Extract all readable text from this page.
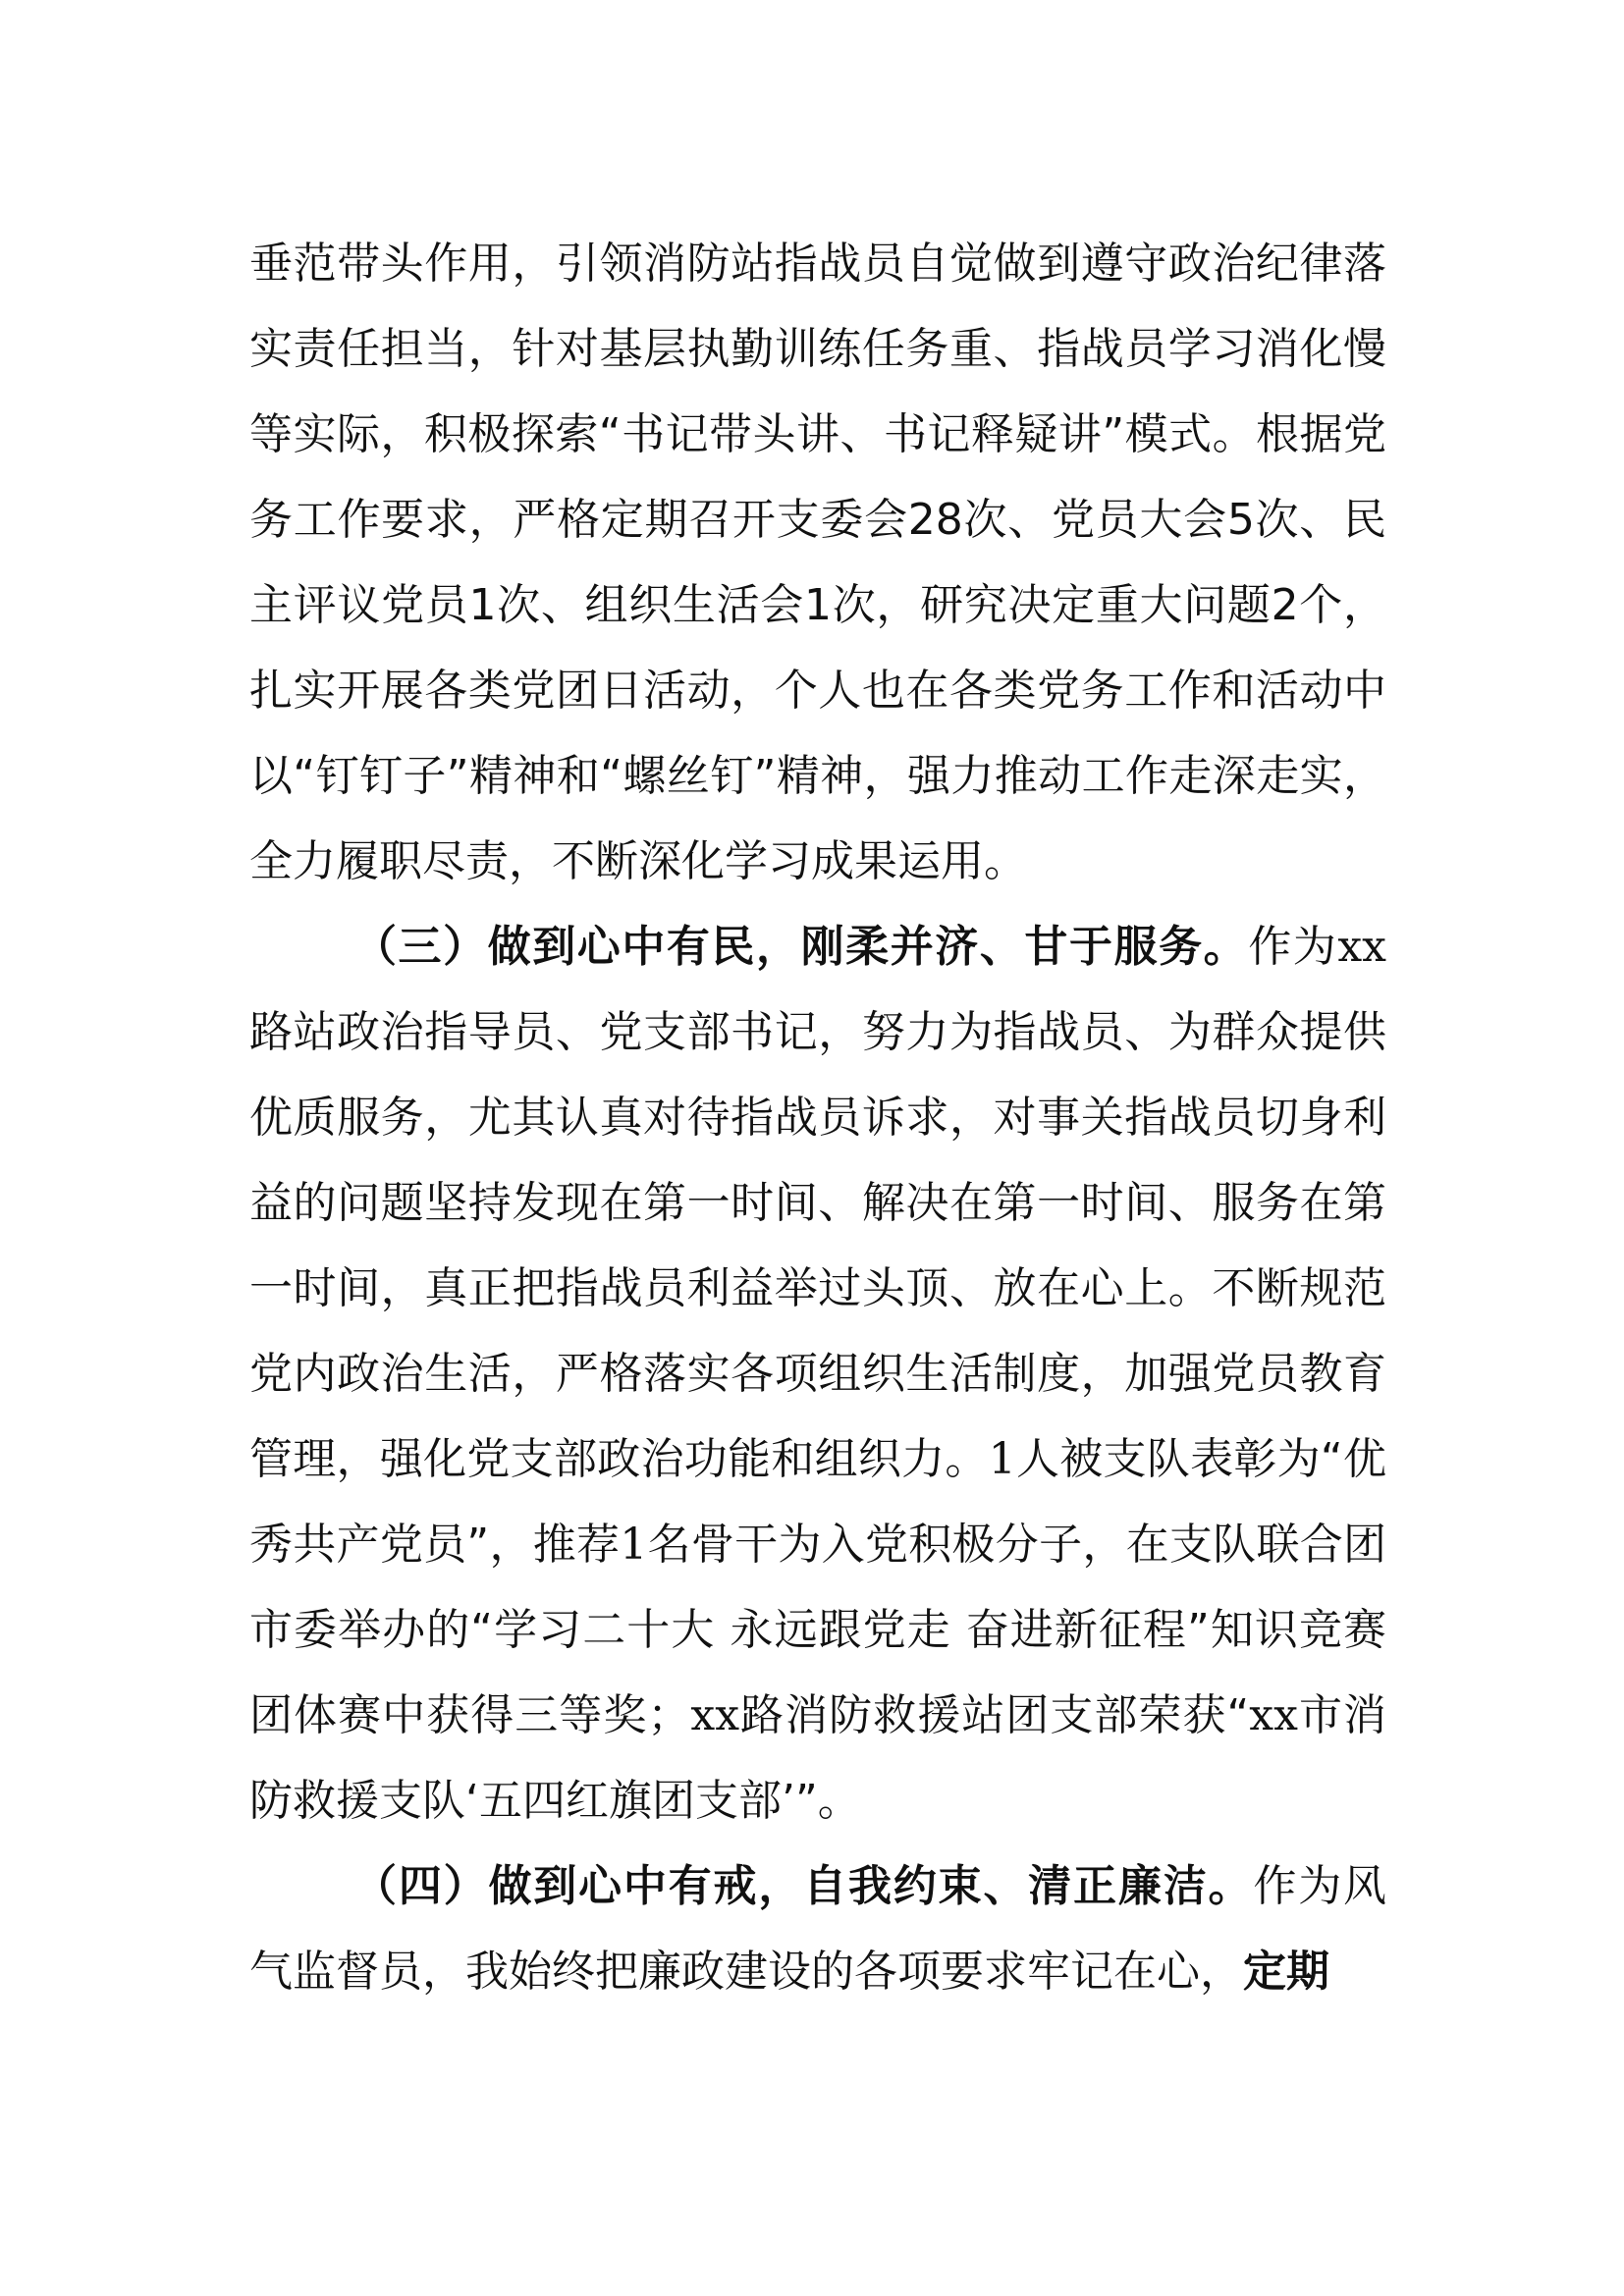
垂范带头作用，引领消防站指战员自觉做到遵守政治纪律落实责任担当，针对基层执勤训练任务重、指战员学习消化慢等实际，积极探索“书记带头讲、书记释疑讲”模式。根据党务工作要求，严格定期召开支委会28次、党员大会5次、民主评议党员1次、组织生活会1次，研究决定重大问题2个，扎实开展各类党团日活动，个人也在各类党务工作和活动中以“钉钉子”精神和“螺丝钉”精神，强力推动工作走深走实，全力履职尽责，不断深化学习成果运用。

（三）做到心中有民，刚柔并济、甘于服务。作为xx路站政治指导员、党支部书记，努力为指战员、为群众提供优质服务，尤其认真对待指战员诉求，对事关指战员切身利益的问题坚持发现在第一时间、解决在第一时间、服务在第一时间，真正把指战员利益举过头顶、放在心上。不断规范党内政治生活，严格落实各项组织生活制度，加强党员教育管理，强化党支部政治功能和组织力。1人被支队表彰为“优秀共产党员”，推荐1名骨干为入党积极分子，在支队联合团市委举办的“学习二十大 永远跟党走 奋进新征程”知识竞赛团体赛中获得三等奖；xx路消防救援站团支部荣获“xx市消防救援支队‘五四红旗团支部’”。

（四）做到心中有戒，自我约束、清正廉洁。作为风气监督员，我始终把廉政建设的各项要求牢记在心，定期
